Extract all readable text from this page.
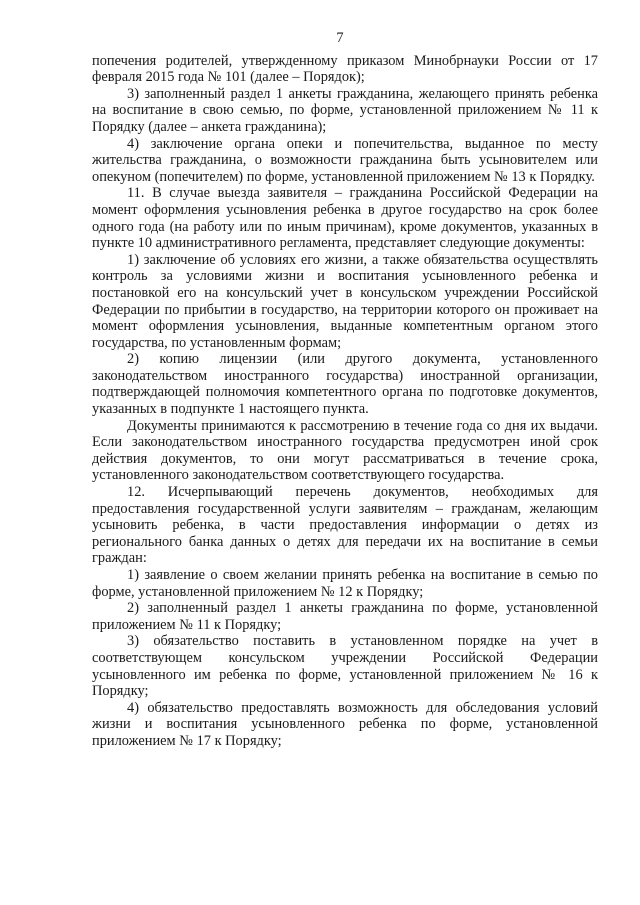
7

попечения родителей, утвержденному приказом Минобрнауки России от 17 февраля 2015 года № 101 (далее – Порядок);

3) заполненный раздел 1 анкеты гражданина, желающего принять ребенка на воспитание в свою семью, по форме, установленной приложением № 11 к Порядку (далее – анкета гражданина);

4) заключение органа опеки и попечительства, выданное по месту жительства гражданина, о возможности гражданина быть усыновителем или опекуном (попечителем) по форме, установленной приложением № 13 к Порядку.

11. В случае выезда заявителя – гражданина Российской Федерации на момент оформления усыновления ребенка в другое государство на срок более одного года (на работу или по иным причинам), кроме документов, указанных в пункте 10 административного регламента, представляет следующие документы:

1) заключение об условиях его жизни, а также обязательства осуществлять контроль за условиями жизни и воспитания усыновленного ребенка и постановкой его на консульский учет в консульском учреждении Российской Федерации по прибытии в государство, на территории которого он проживает на момент оформления усыновления, выданные компетентным органом этого государства, по установленным формам;

2) копию лицензии (или другого документа, установленного законодательством иностранного государства) иностранной организации, подтверждающей полномочия компетентного органа по подготовке документов, указанных в подпункте 1 настоящего пункта.

Документы принимаются к рассмотрению в течение года со дня их выдачи. Если законодательством иностранного государства предусмотрен иной срок действия документов, то они могут рассматриваться в течение срока, установленного законодательством соответствующего государства.

12. Исчерпывающий перечень документов, необходимых для предоставления государственной услуги заявителям – гражданам, желающим усыновить ребенка, в части предоставления информации о детях из регионального банка данных о детях для передачи их на воспитание в семьи граждан:

1) заявление о своем желании принять ребенка на воспитание в семью по форме, установленной приложением № 12 к Порядку;

2) заполненный раздел 1 анкеты гражданина по форме, установленной приложением № 11 к Порядку;

3) обязательство поставить в установленном порядке на учет в соответствующем консульском учреждении Российской Федерации усыновленного им ребенка по форме, установленной приложением № 16 к Порядку;

4) обязательство предоставлять возможность для обследования условий жизни и воспитания усыновленного ребенка по форме, установленной приложением № 17 к Порядку;
